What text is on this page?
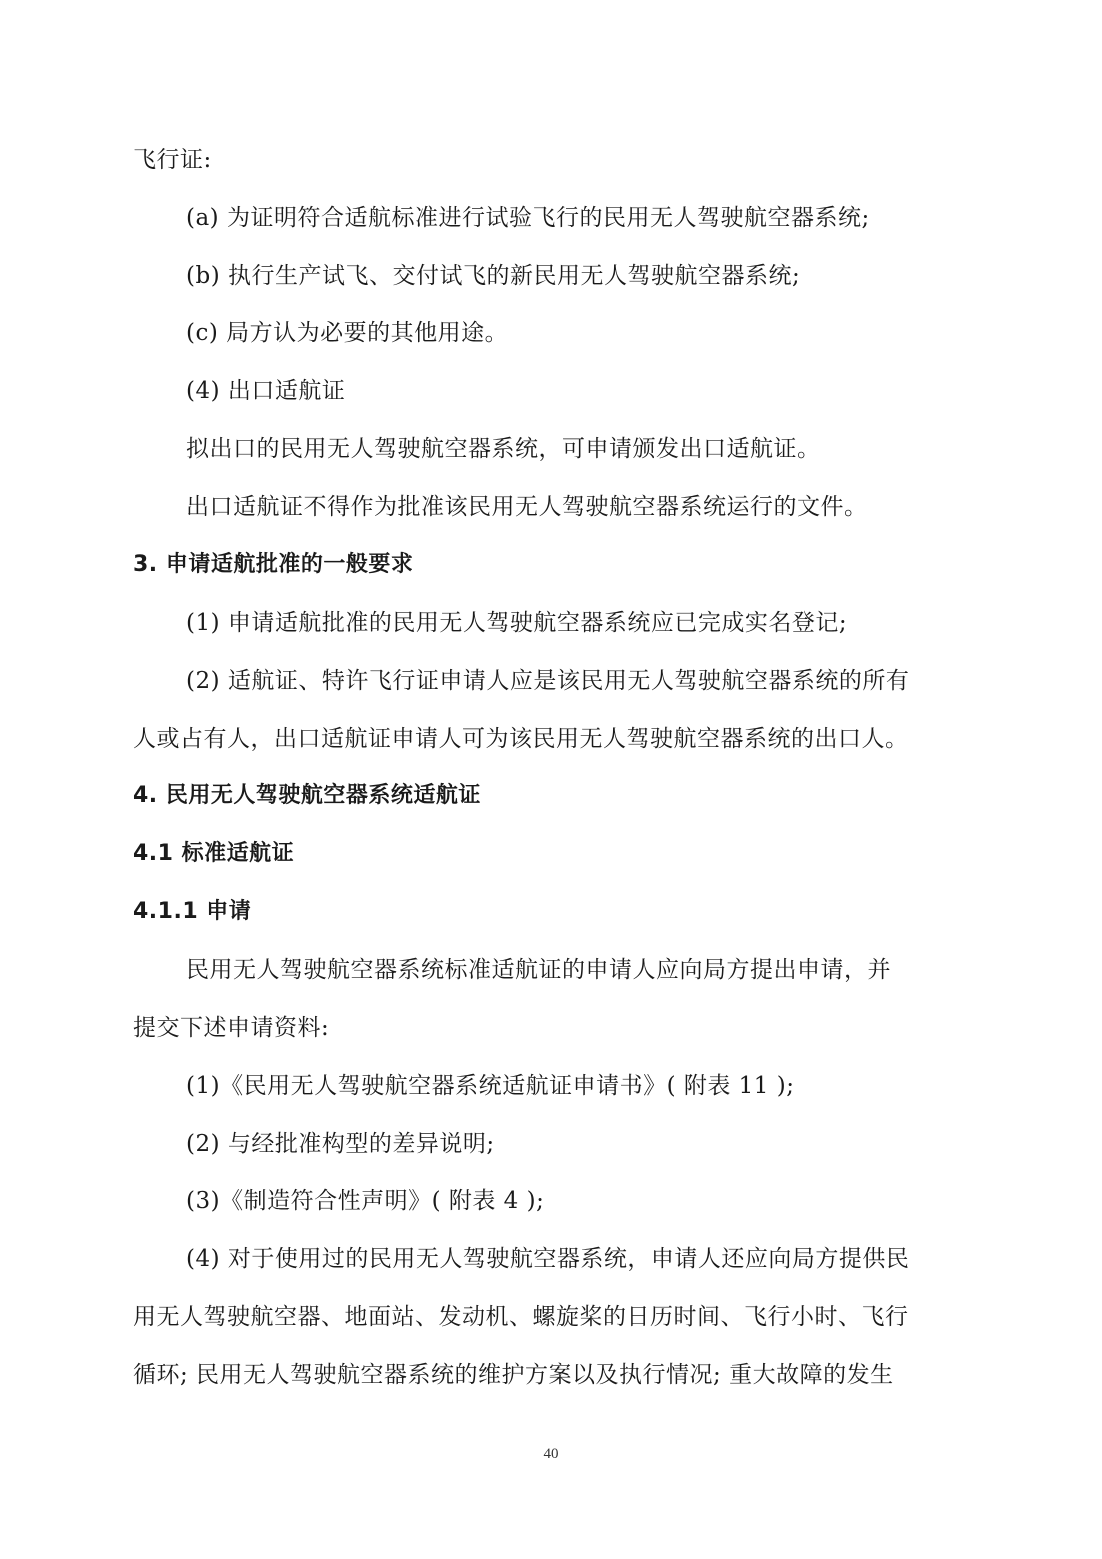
飞行证:
(a) 为证明符合适航标准进行试验飞行的民用无人驾驶航空器系统;
(b) 执行生产试飞、交付试飞的新民用无人驾驶航空器系统;
(c) 局方认为必要的其他用途。
(4) 出口适航证
拟出口的民用无人驾驶航空器系统，可申请颁发出口适航证。
出口适航证不得作为批准该民用无人驾驶航空器系统运行的文件。
3. 申请适航批准的一般要求
(1) 申请适航批准的民用无人驾驶航空器系统应已完成实名登记;
(2) 适航证、特许飞行证申请人应是该民用无人驾驶航空器系统的所有
人或占有人，出口适航证申请人可为该民用无人驾驶航空器系统的出口人。
4. 民用无人驾驶航空器系统适航证
4.1 标准适航证
4.1.1 申请
民用无人驾驶航空器系统标准适航证的申请人应向局方提出申请，并
提交下述申请资料:
(1)《民用无人驾驶航空器系统适航证申请书》( 附表 11 );
(2) 与经批准构型的差异说明;
(3)《制造符合性声明》( 附表 4 );
(4) 对于使用过的民用无人驾驶航空器系统，申请人还应向局方提供民
用无人驾驶航空器、地面站、发动机、螺旋桨的日历时间、飞行小时、飞行
循环; 民用无人驾驶航空器系统的维护方案以及执行情况; 重大故障的发生
40
